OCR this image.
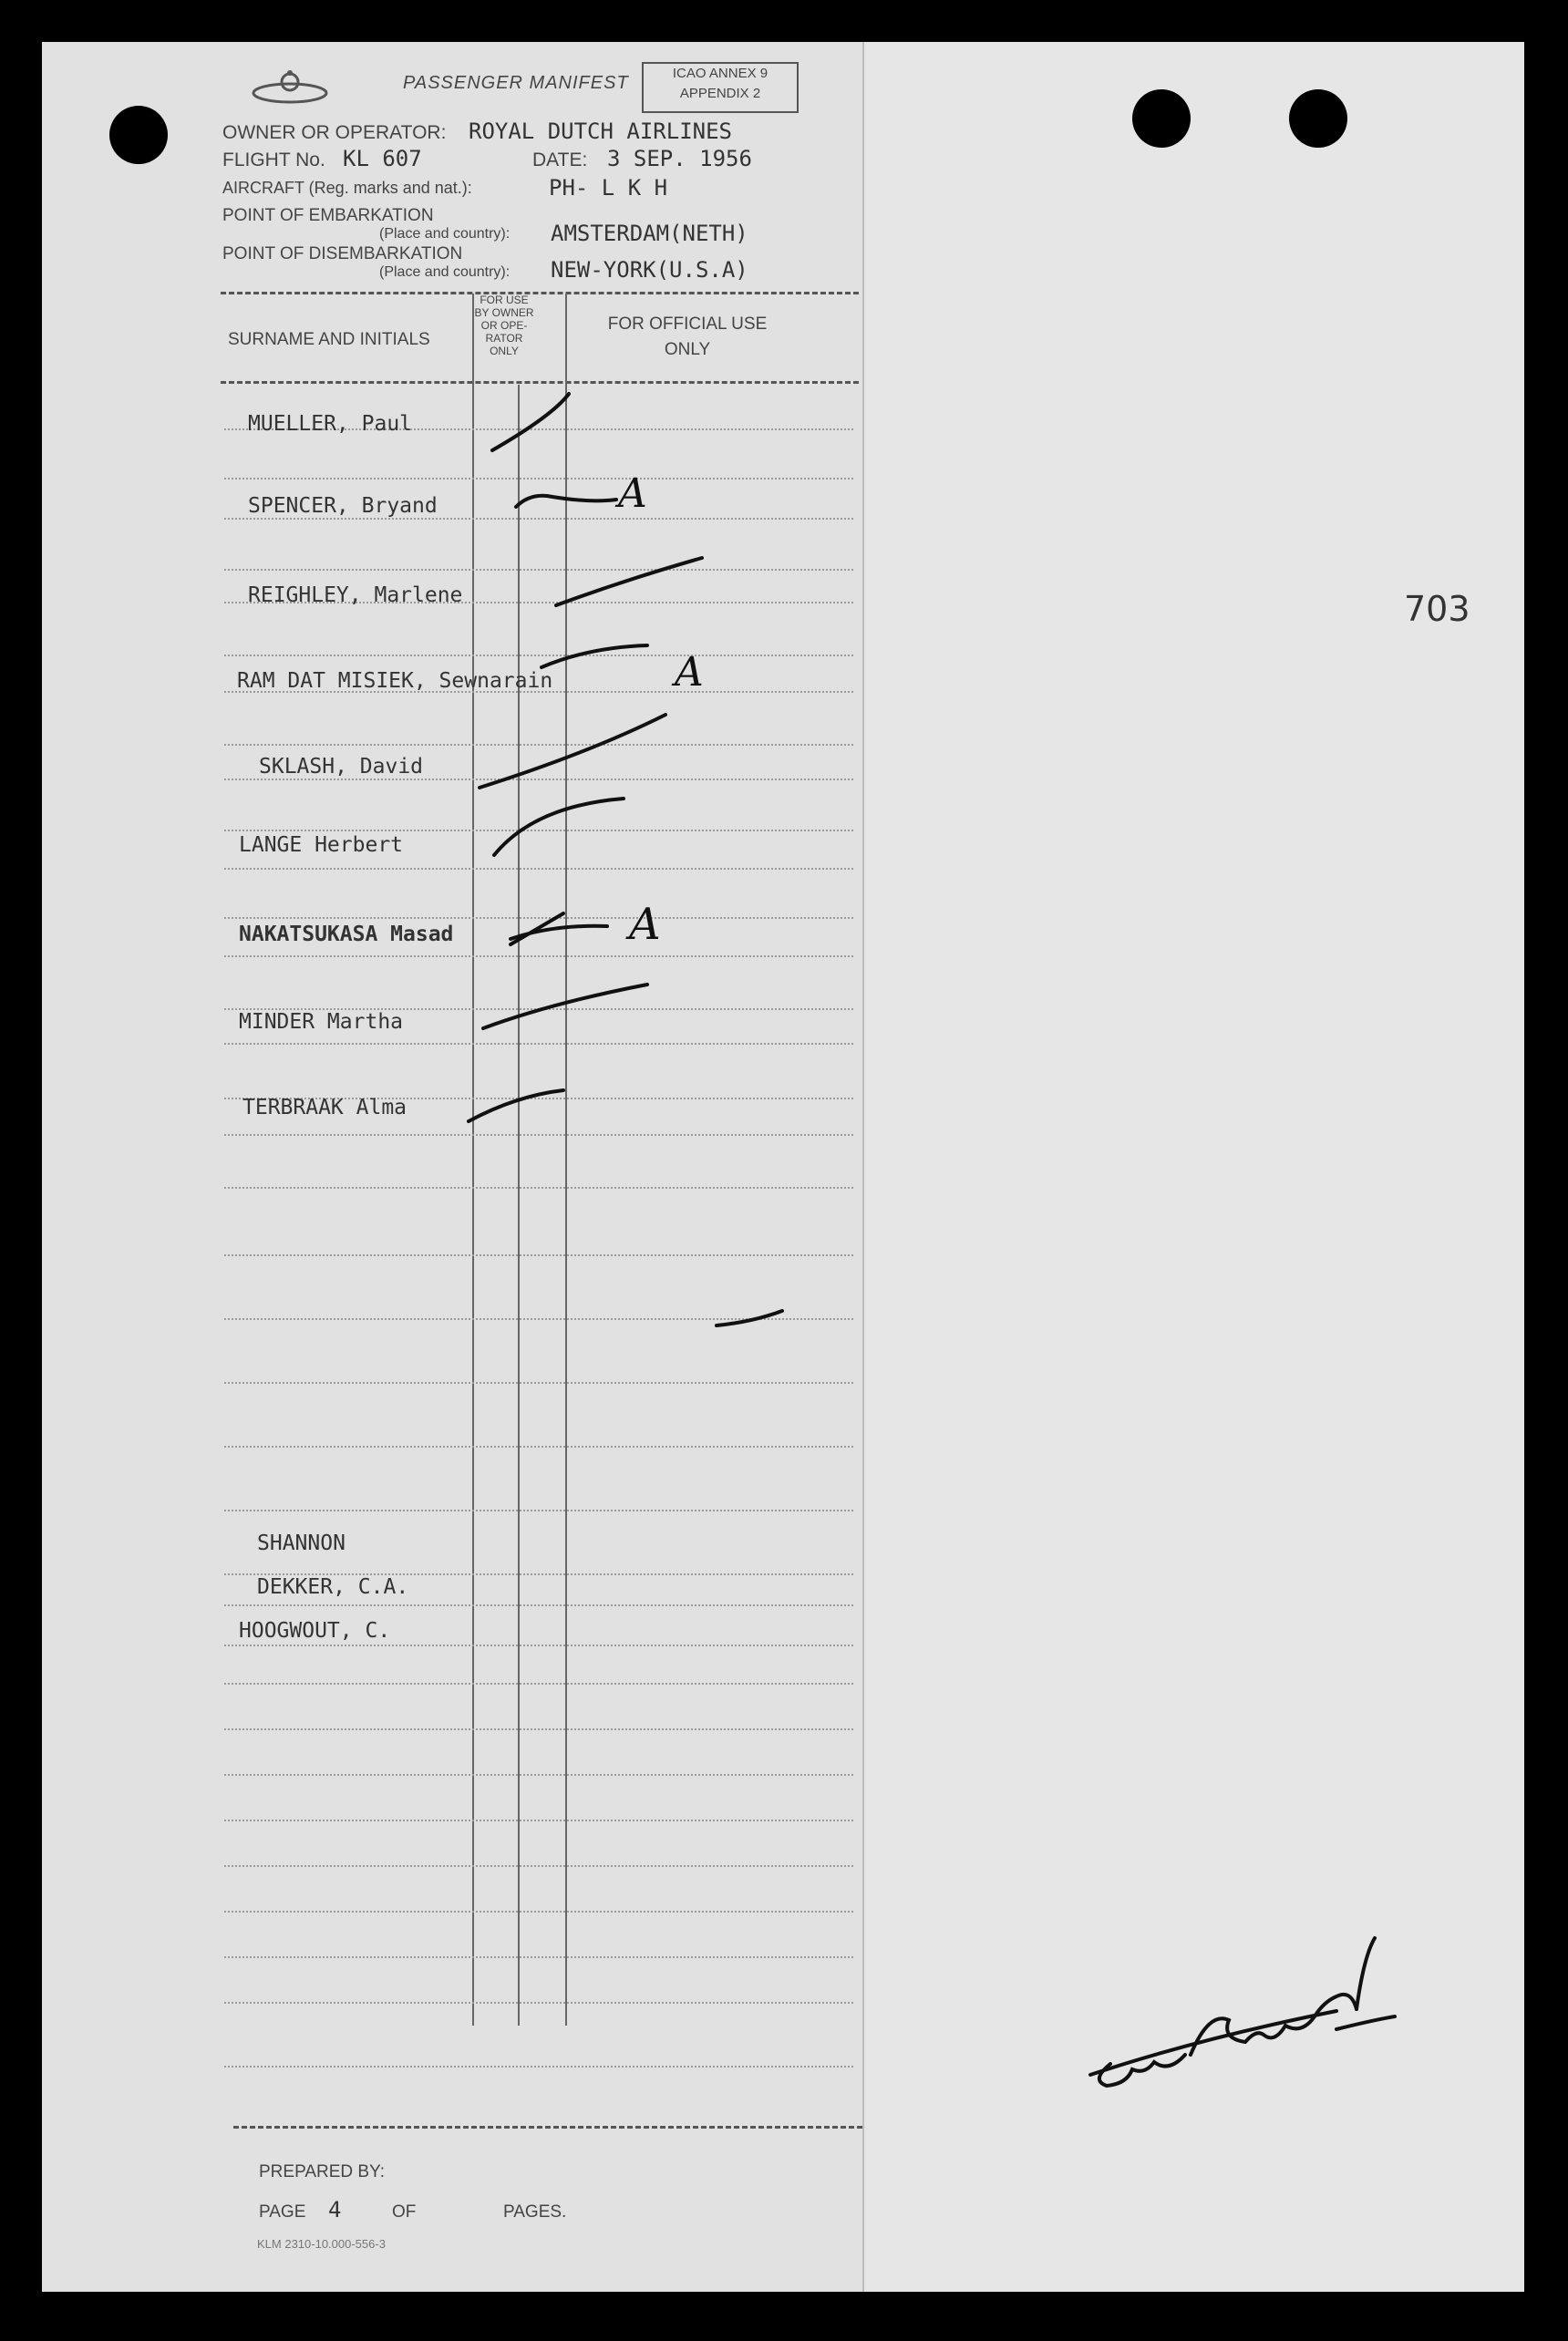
PASSENGER MANIFEST	ICAO ANNEX 9
APPENDIX 2
OWNER OR OPERATOR: ROYAL DUTCH AIRLINES
FLIGHT No. KL 607	DATE: 3 SEP. 1956
AIRCRAFT (Reg. marks and nat.):	PH- L K H
POINT OF EMBARKATION
(Place and country): AMSTERDAM(NETH)
POINT OF DISEMBARKATION
(Place and country): NEW-YORK(U.S.A)
SURNAME AND INITIALS
FOR USE BY OWNER OR OPE- RATOR ONLY
FOR OFFICIAL USE ONLY
MUELLER, Paul
SPENCER, Bryand
REIGHLEY, Marlene
RAM DAT MISIEK, Sewnarain
SKLASH, David
LANGE Herbert
NAKATSUKASA Masad
MINDER Martha
TERBRAAK Alma
A
A
A
SHANNON
DEKKER, C.A.
HOOGWOUT, C.
PREPARED BY:
PAGE 4	OF	PAGES.
KLM 2310-10.000-556-3
703
